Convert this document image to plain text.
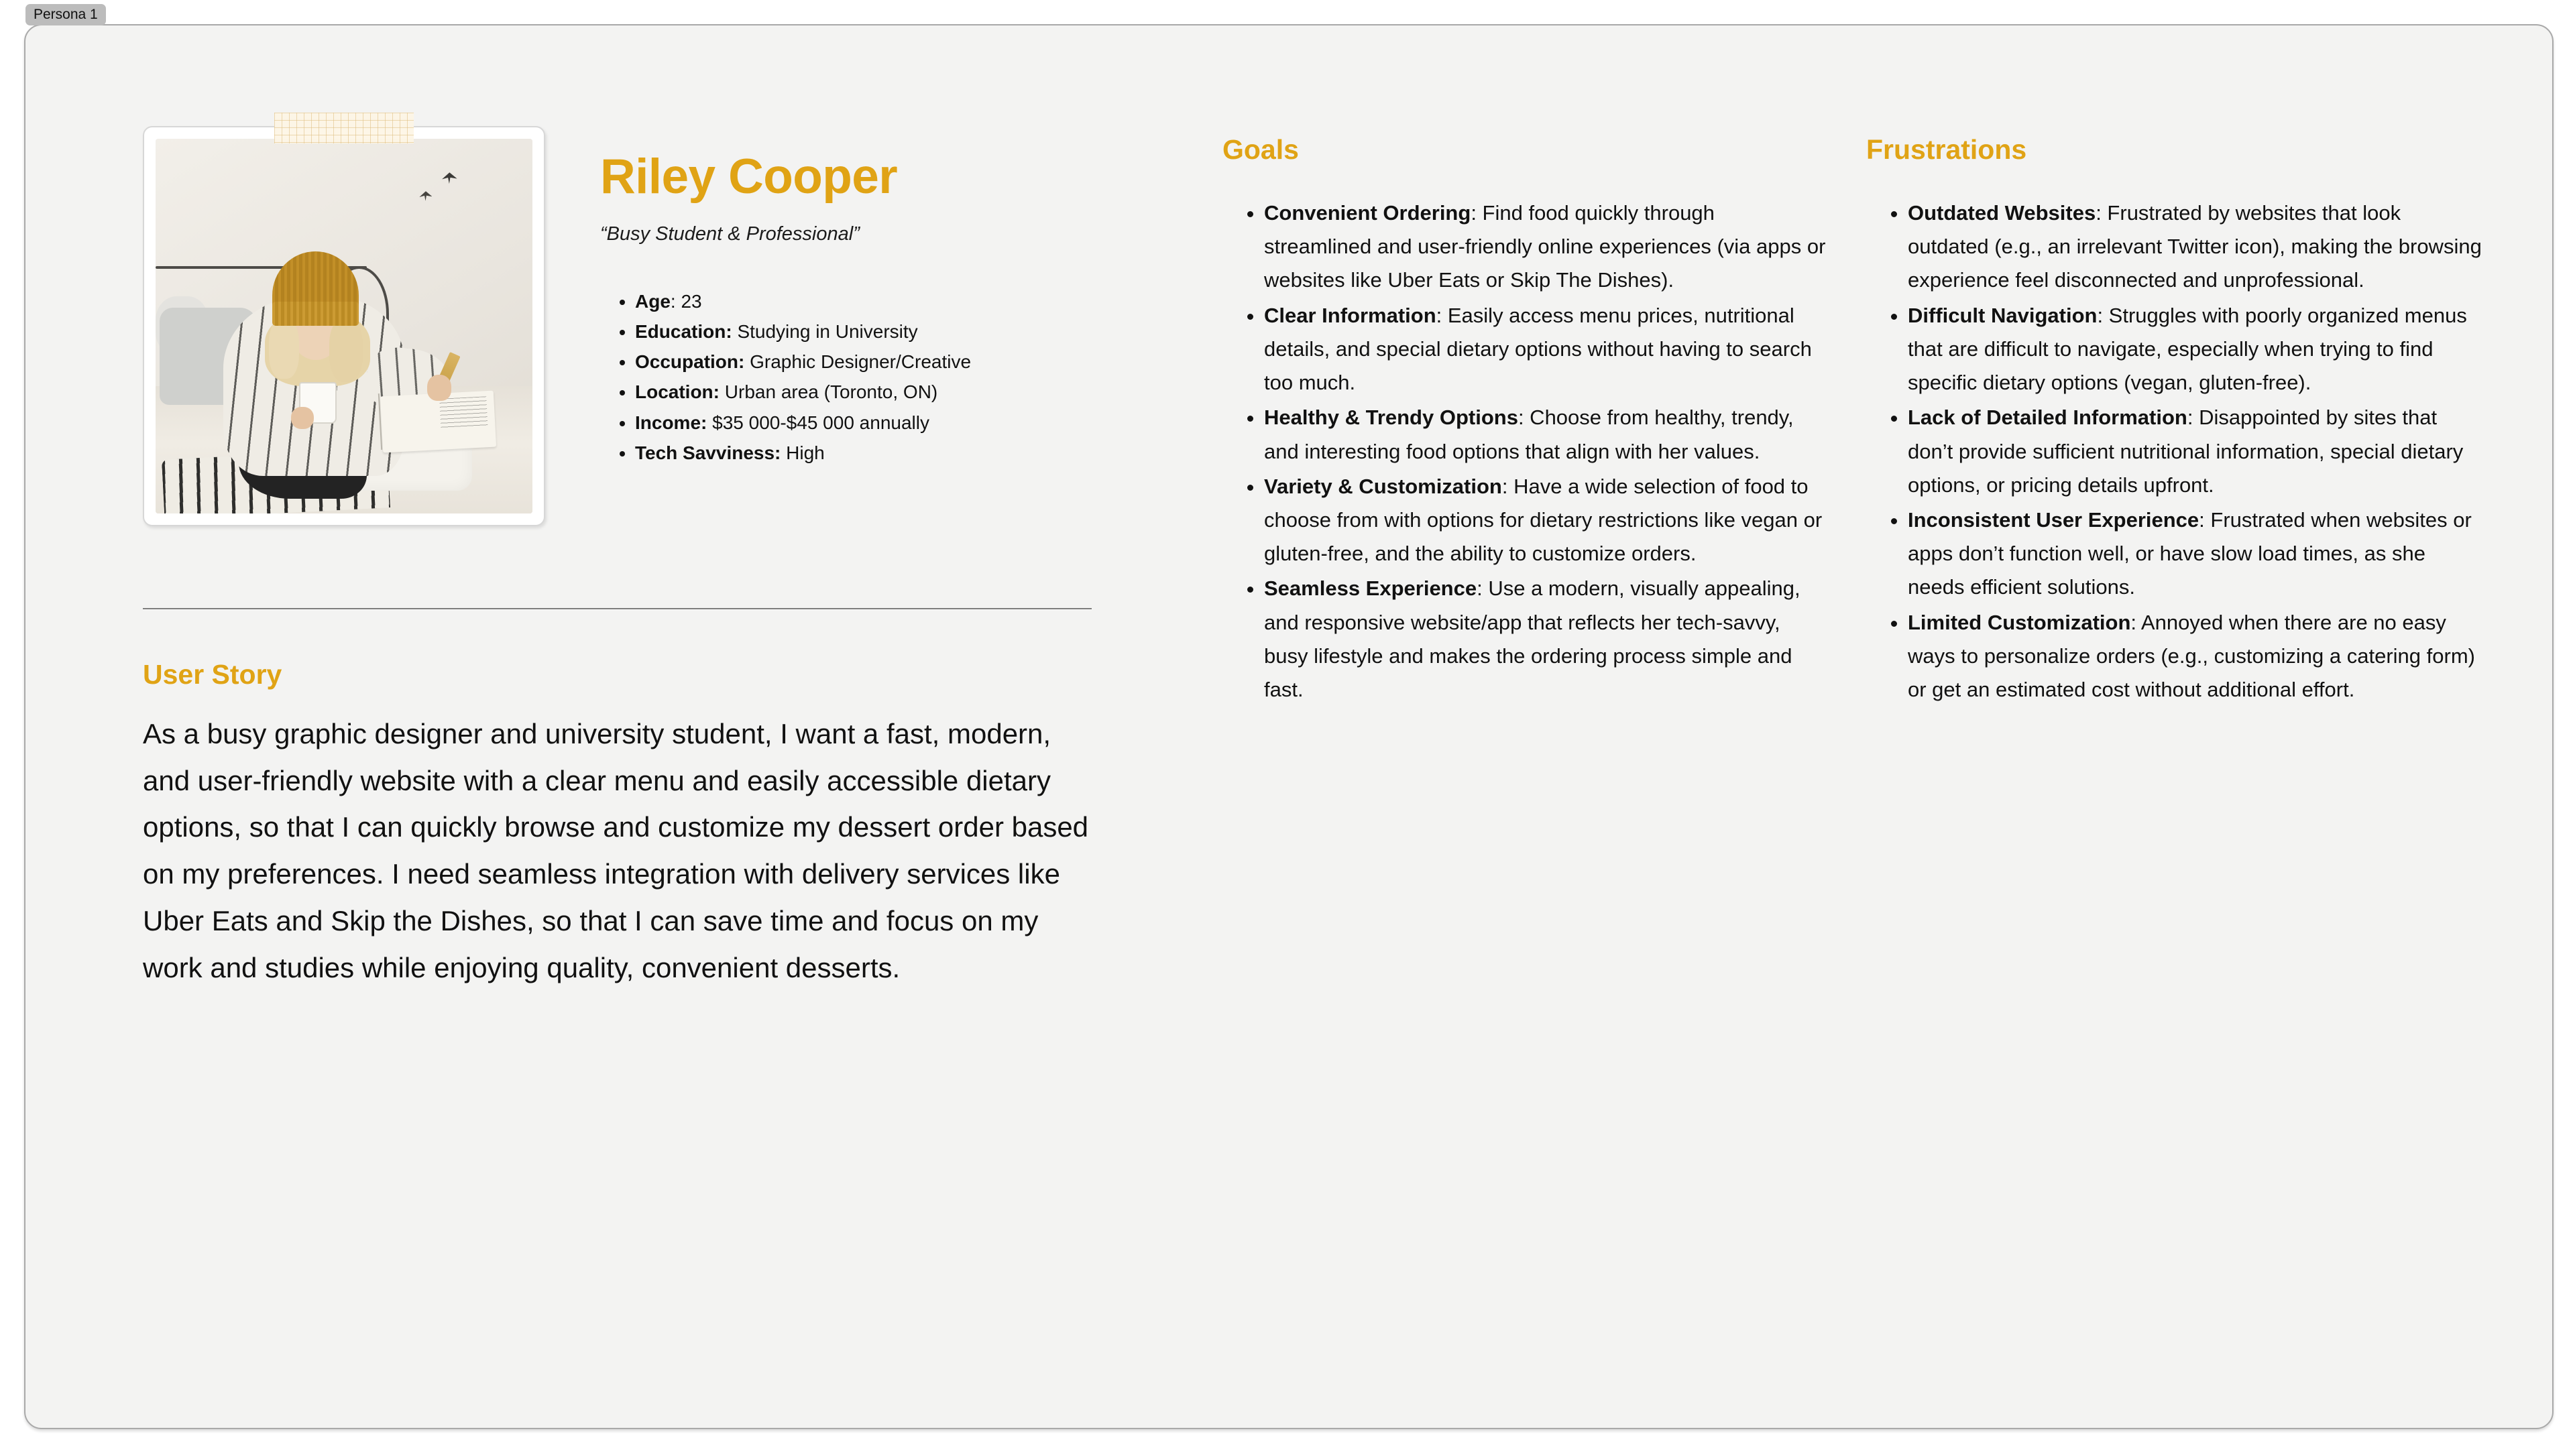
Persona 1
Riley Cooper
“Busy Student & Professional”
• Age: 23
• Education: Studying in University
• Occupation: Graphic Designer/Creative
• Location: Urban area (Toronto, ON)
• Income: $35 000-$45 000 annually
• Tech Savviness: High
User Story
As a busy graphic designer and university student, I want a fast, modern, and user-friendly website with a clear menu and easily accessible dietary options, so that I can quickly browse and customize my dessert order based on my preferences. I need seamless integration with delivery services like Uber Eats and Skip the Dishes, so that I can save time and focus on my work and studies while enjoying quality, convenient desserts.
Goals
• Convenient Ordering: Find food quickly through streamlined and user-friendly online experiences (via apps or websites like Uber Eats or Skip The Dishes).
• Clear Information: Easily access menu prices, nutritional details, and special dietary options without having to search too much.
• Healthy & Trendy Options: Choose from healthy, trendy, and interesting food options that align with her values.
• Variety & Customization: Have a wide selection of food to choose from with options for dietary restrictions like vegan or gluten-free, and the ability to customize orders.
• Seamless Experience: Use a modern, visually appealing, and responsive website/app that reflects her tech-savvy, busy lifestyle and makes the ordering process simple and fast.
Frustrations
• Outdated Websites: Frustrated by websites that look outdated (e.g., an irrelevant Twitter icon), making the browsing experience feel disconnected and unprofessional.
• Difficult Navigation: Struggles with poorly organized menus that are difficult to navigate, especially when trying to find specific dietary options (vegan, gluten-free).
• Lack of Detailed Information: Disappointed by sites that don’t provide sufficient nutritional information, special dietary options, or pricing details upfront.
• Inconsistent User Experience: Frustrated when websites or apps don’t function well, or have slow load times, as she needs efficient solutions.
• Limited Customization: Annoyed when there are no easy ways to personalize orders (e.g., customizing a catering form) or get an estimated cost without additional effort.
